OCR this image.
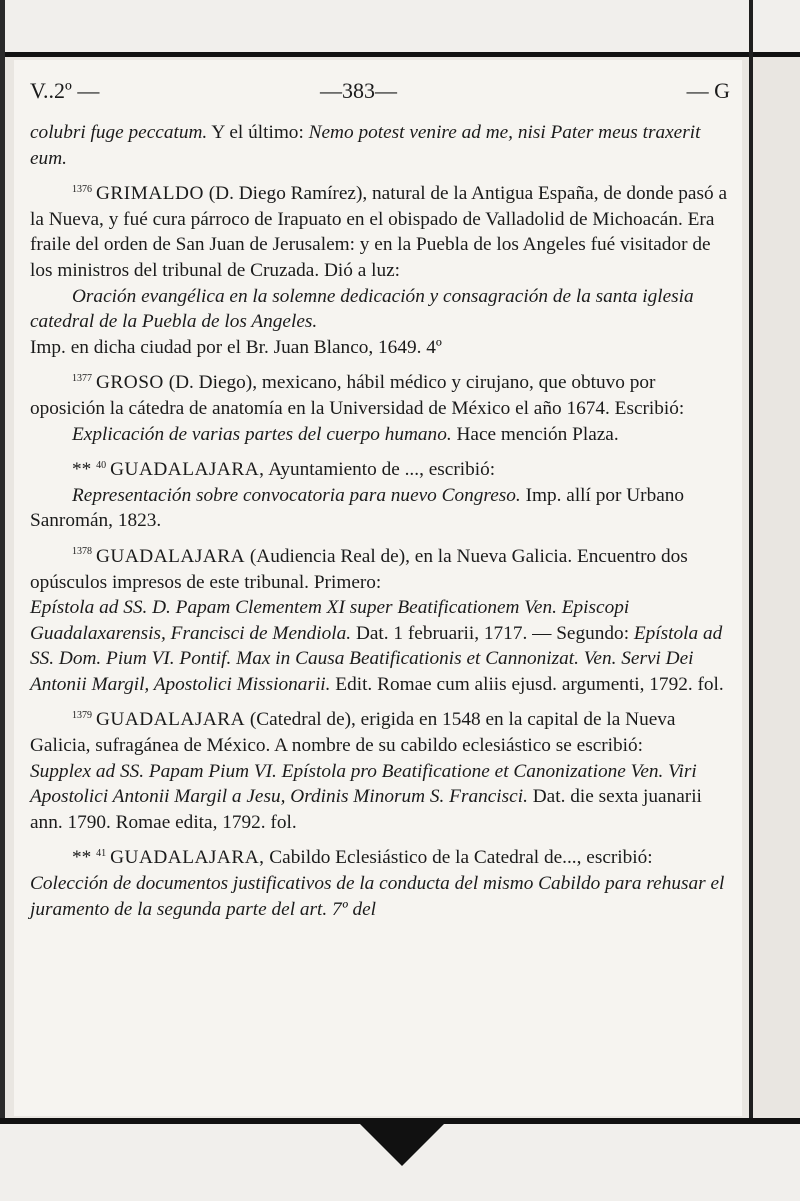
V..2º —	—383—	— G

colubri fuge peccatum. Y el último: Nemo potest venire ad me, nisi Pater meus traxerit eum.

$^{1376}$ GRIMALDO (D. Diego Ramírez), natural de la Antigua España, de donde pasó a la Nueva, y fué cura párroco de Irapuato en el obispado de Valladolid de Michoacán. Era fraile del orden de San Juan de Jerusalem: y en la Puebla de los Angeles fué visitador de los ministros del tribunal de Cruzada. Dió a luz:
Oración evangélica en la solemne dedicación y consagración de la santa iglesia catedral de la Puebla de los Angeles. Imp. en dicha ciudad por el Br. Juan Blanco, 1649. 4º

$^{1377}$ GROSO (D. Diego), mexicano, hábil médico y cirujano, que obtuvo por oposición la cátedra de anatomía en la Universidad de México el año 1674. Escribió:
Explicación de varias partes del cuerpo humano. Hace mención Plaza.

** $^{40}$ GUADALAJARA, Ayuntamiento de ..., escribió:
Representación sobre convocatoria para nuevo Congreso. Imp. allí por Urbano Sanromán, 1823.

$^{1378}$ GUADALAJARA (Audiencia Real de), en la Nueva Galicia. Encuentro dos opúsculos impresos de este tribunal. Primero:
Epístola ad SS. D. Papam Clementem XI super Beatificationem Ven. Episcopi Guadalaxarensis, Francisci de Mendiola. Dat. 1 februarii, 1717. — Segundo: Epístola ad SS. Dom. Pium VI. Pontif. Max in Causa Beatificationis et Cannonizat. Ven. Servi Dei Antonii Margil, Apostolici Missionarii. Edit. Romae cum aliis ejusd. argumenti, 1792. fol.

$^{1379}$ GUADALAJARA (Catedral de), erigida en 1548 en la capital de la Nueva Galicia, sufragánea de México. A nombre de su cabildo eclesiástico se escribió:
Supplex ad SS. Papam Pium VI. Epístola pro Beatificatione et Canonizatione Ven. Viri Apostolici Antonii Margil a Jesu, Ordinis Minorum S. Francisci. Dat. die sexta juanarii ann. 1790. Romae edita, 1792. fol.

** $^{41}$ GUADALAJARA, Cabildo Eclesiástico de la Catedral de..., escribió:
Colección de documentos justificativos de la conducta del mismo Cabildo para rehusar el juramento de la segunda parte del art. 7º del
